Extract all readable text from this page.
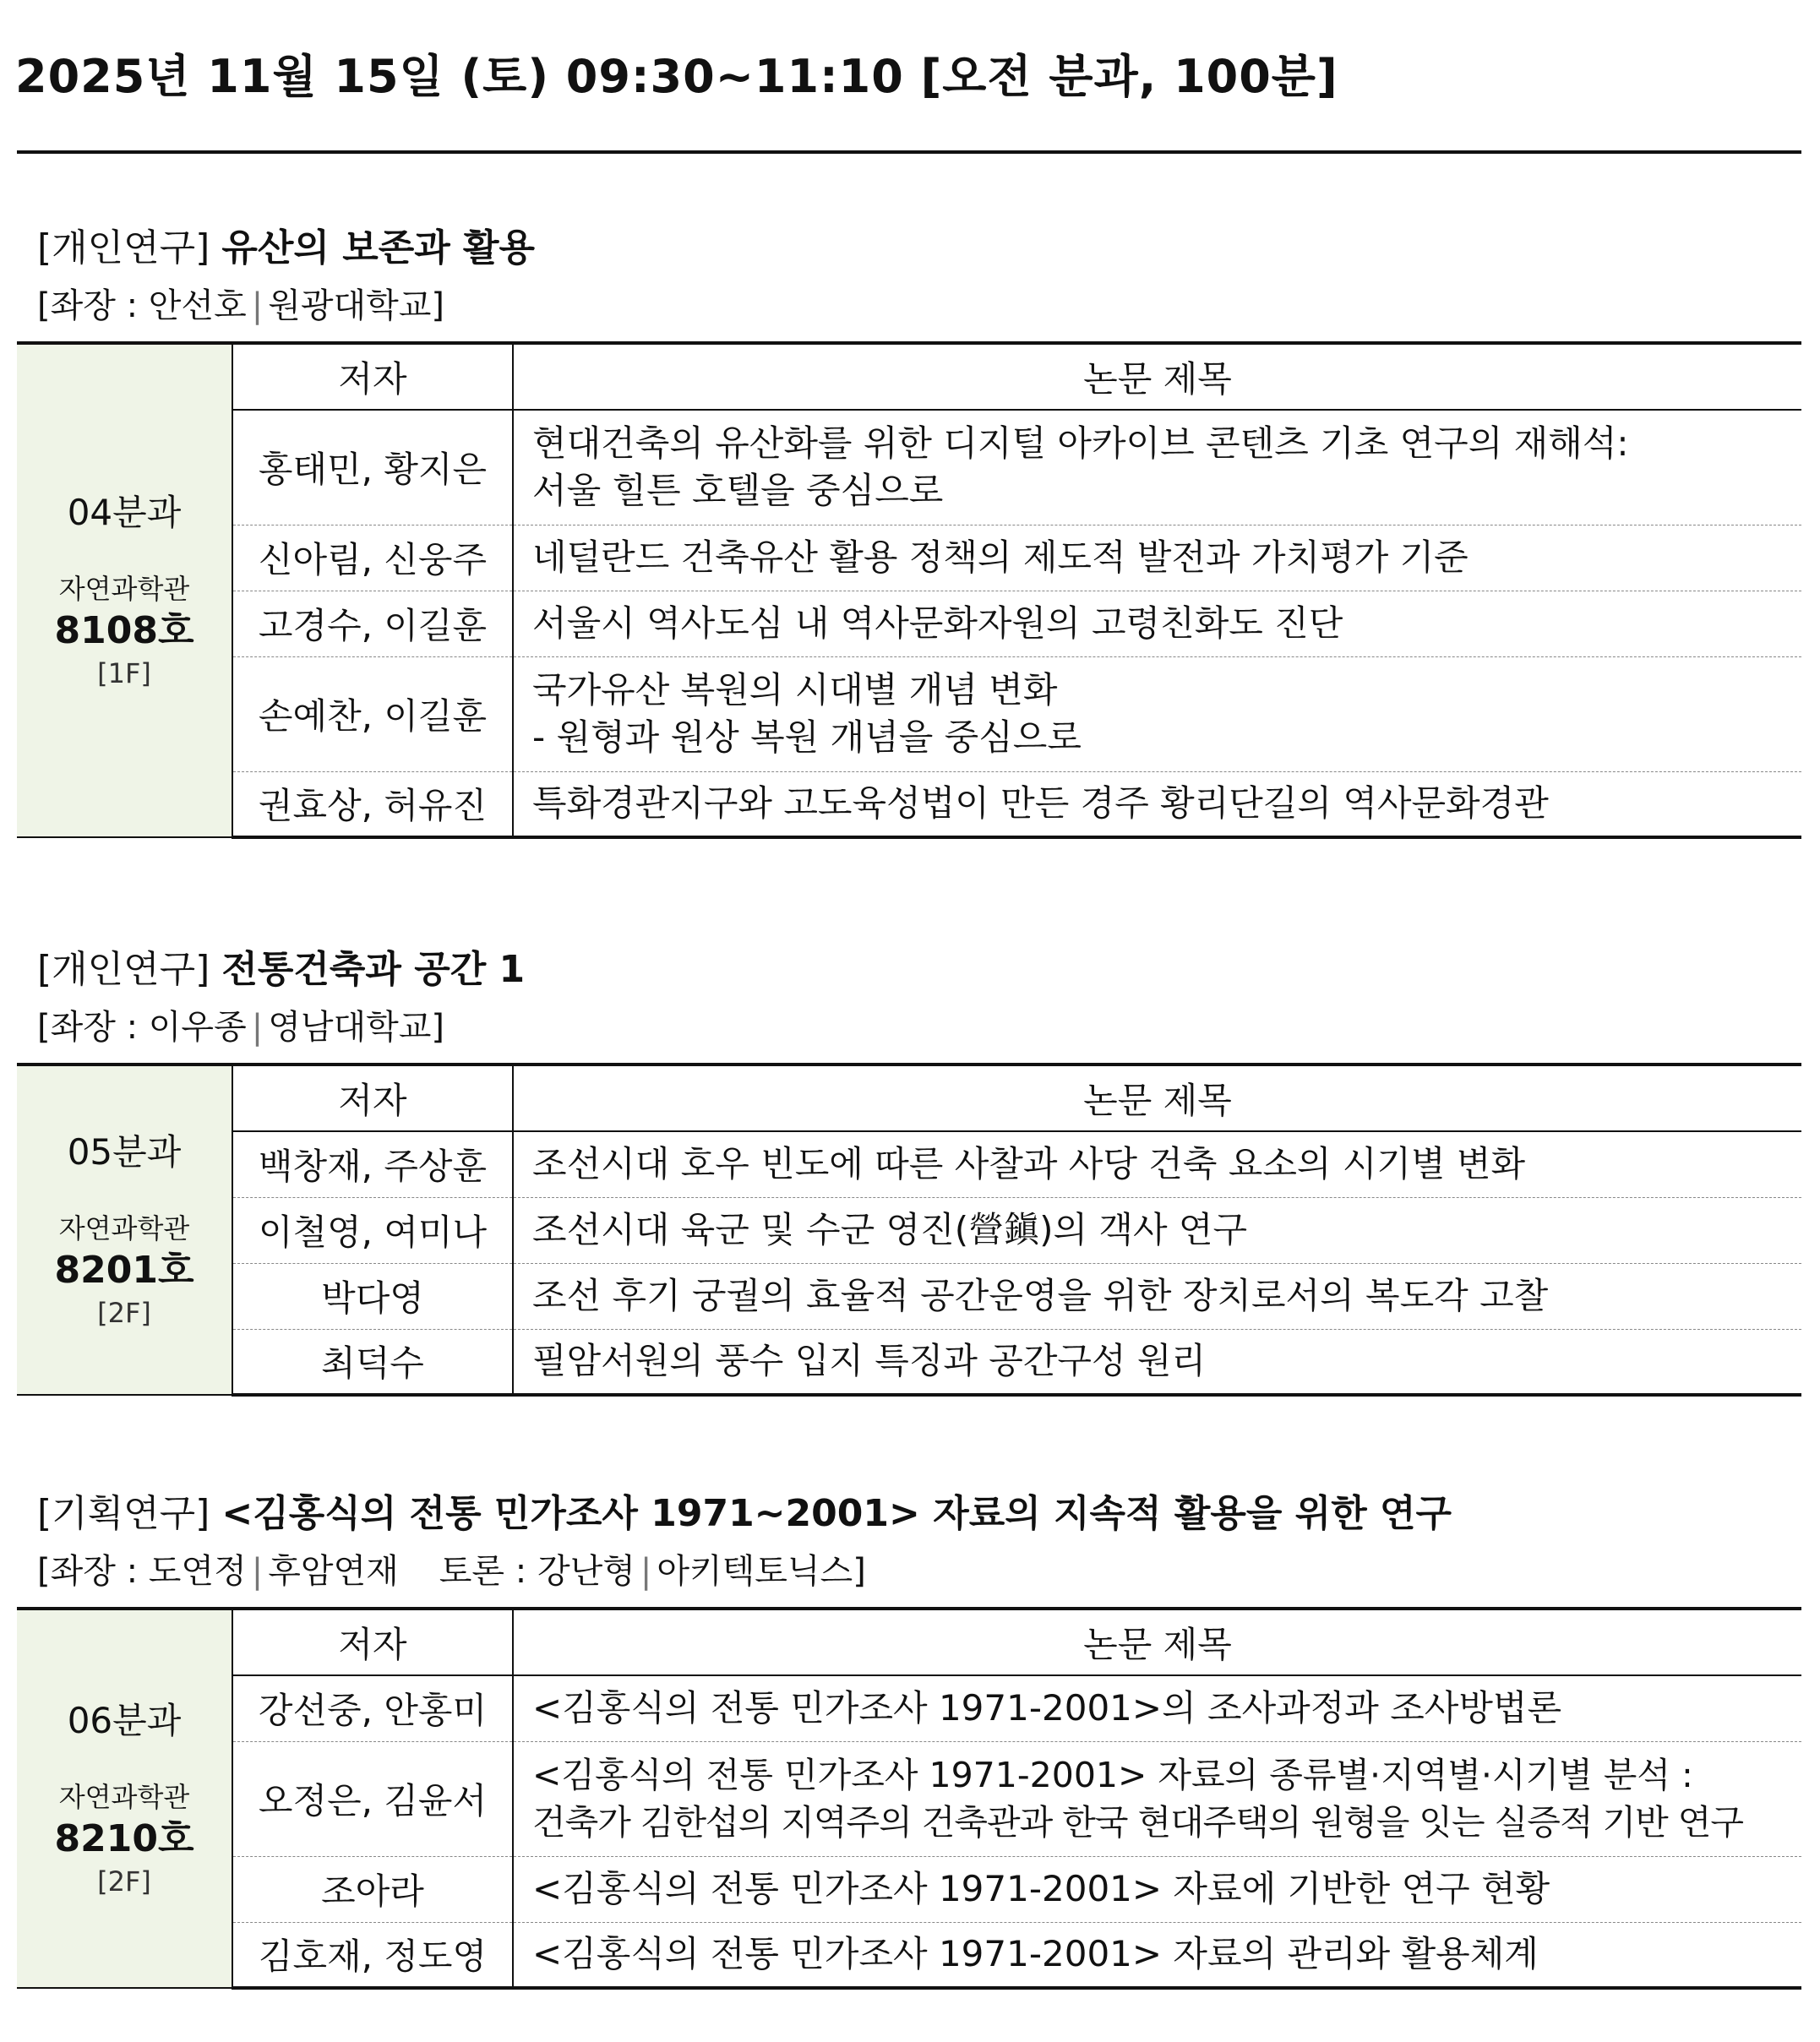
2025년 11월 15일 (토) 09:30~11:10 [오전 분과, 100분]
[개인연구] 유산의 보존과 활용
[좌장 : 안선호 | 원광대학교]
04분과
자연과학관
8108호
[1F]	저자	논문 제목
	홍태민, 황지은	현대건축의 유산화를 위한 디지털 아카이브 콘텐츠 기초 연구의 재해석:
서울 힐튼 호텔을 중심으로

	신아림, 신웅주	네덜란드 건축유산 활용 정책의 제도적 발전과 가치평가 기준
	고경수, 이길훈	서울시 역사도심 내 역사문화자원의 고령친화도 진단
	손예찬, 이길훈	국가유산 복원의 시대별 개념 변화
- 원형과 원상 복원 개념을 중심으로

	권효상, 허유진	특화경관지구와 고도육성법이 만든 경주 황리단길의 역사문화경관
[개인연구] 전통건축과 공간 1
[좌장 : 이우종 | 영남대학교]
05분과
자연과학관
8201호
[2F]	저자	논문 제목
	백창재, 주상훈	조선시대 호우 빈도에 따른 사찰과 사당 건축 요소의 시기별 변화
	이철영, 여미나	조선시대 육군 및 수군 영진(營鎭)의 객사 연구
	박다영	조선 후기 궁궐의 효율적 공간운영을 위한 장치로서의 복도각 고찰
	최덕수	필암서원의 풍수 입지 특징과 공간구성 원리
[기획연구] <김홍식의 전통 민가조사 1971~2001> 자료의 지속적 활용을 위한 연구
[좌장 : 도연정 | 후암연재 토론 : 강난형 | 아키텍토닉스]
06분과
자연과학관
8210호
[2F]	저자	논문 제목
	강선중, 안홍미	<김홍식의 전통 민가조사 1971-2001>의 조사과정과 조사방법론
	오정은, 김윤서	<김홍식의 전통 민가조사 1971-2001> 자료의 종류별·지역별·시기별 분석 :
건축가 김한섭의 지역주의 건축관과 한국 현대주택의 원형을 잇는 실증적 기반 연구

	조아라	<김홍식의 전통 민가조사 1971-2001> 자료에 기반한 연구 현황
	김호재, 정도영	<김홍식의 전통 민가조사 1971-2001> 자료의 관리와 활용체계
